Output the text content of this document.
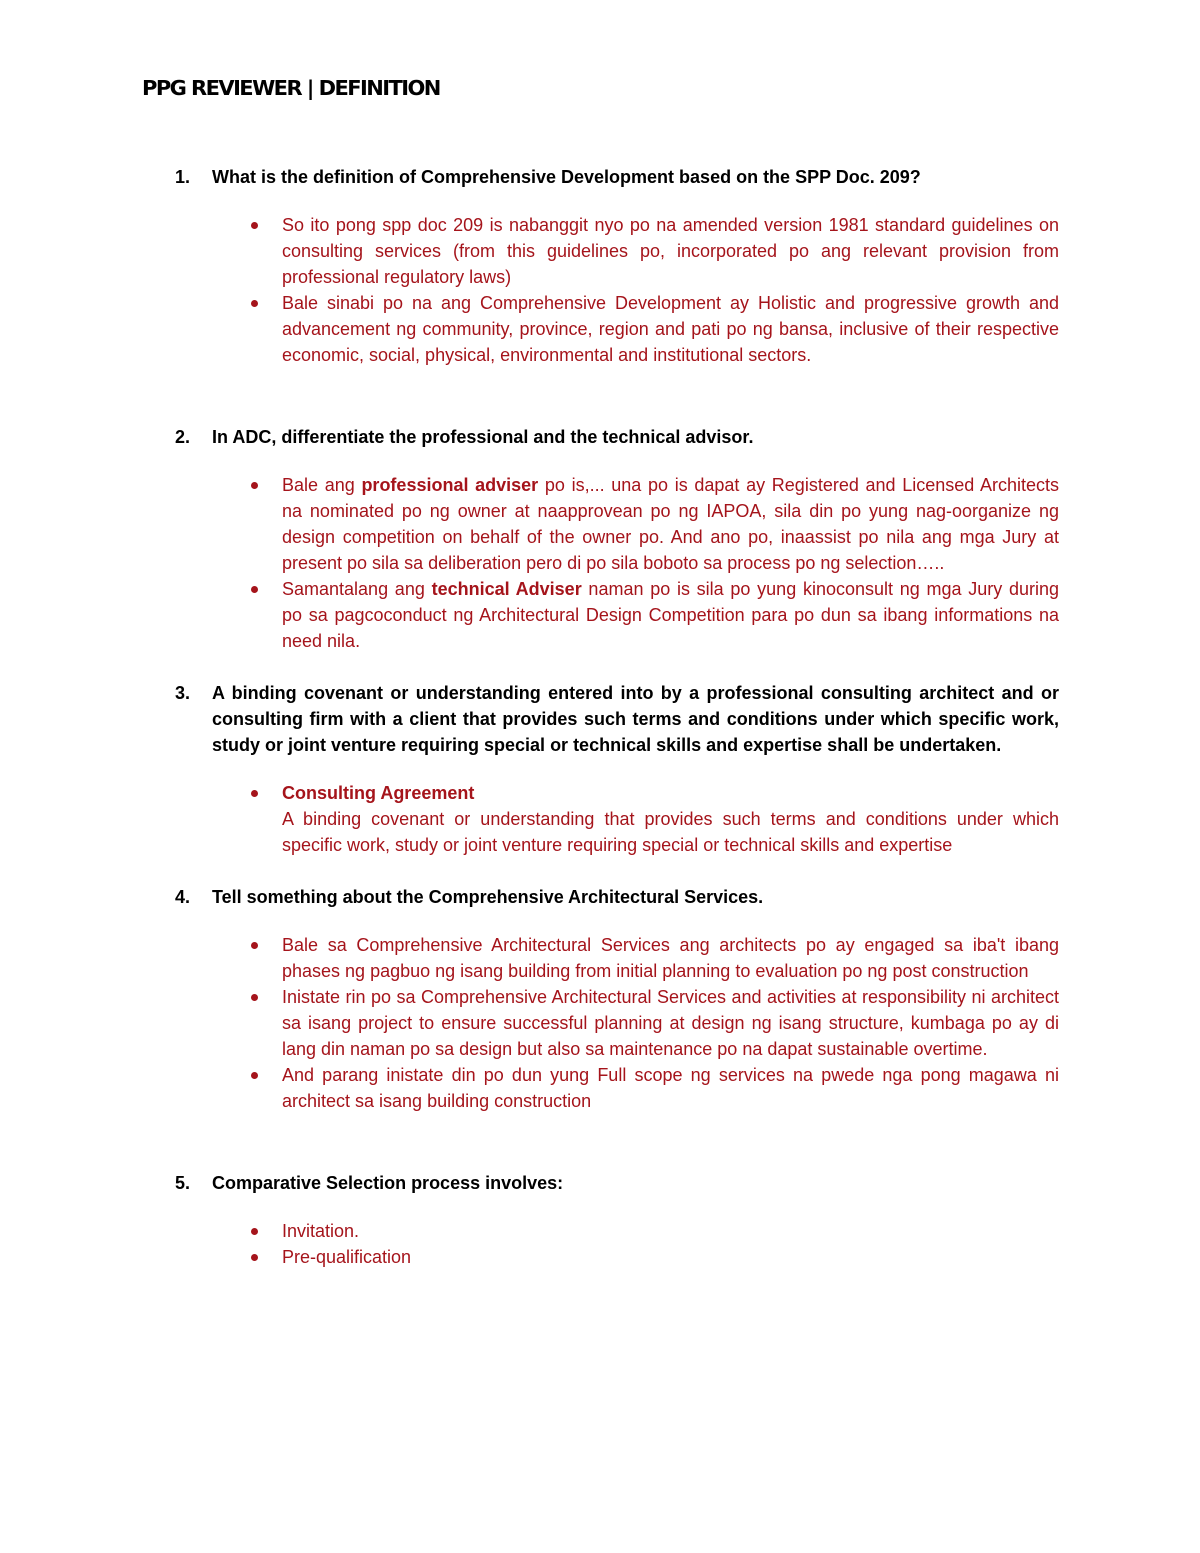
PPG REVIEWER | DEFINITION
1. What is the definition of Comprehensive Development based on the SPP Doc. 209?
So ito pong spp doc 209 is nabanggit nyo po na amended version 1981 standard guidelines on consulting services (from this guidelines po, incorporated po ang relevant provision from professional regulatory laws)
Bale sinabi po na ang Comprehensive Development ay Holistic and progressive growth and advancement ng community, province, region and pati po ng bansa, inclusive of their respective economic, social, physical, environmental and institutional sectors.
2. In ADC, differentiate the professional and the technical advisor.
Bale ang professional adviser po is,... una po is dapat ay Registered and Licensed Architects na nominated po ng owner at naapprovean po ng IAPOA, sila din po yung nag-oorganize ng design competition on behalf of the owner po. And ano po, inaassist po nila ang mga Jury at present po sila sa deliberation pero di po sila boboto sa process po ng selection…..
Samantalang ang technical Adviser naman po is sila po yung kinoconsult ng mga Jury during po sa pagcoconduct ng Architectural Design Competition para po dun sa ibang informations na need nila.
3. A binding covenant or understanding entered into by a professional consulting architect and or consulting firm with a client that provides such terms and conditions under which specific work, study or joint venture requiring special or technical skills and expertise shall be undertaken.
Consulting Agreement
A binding covenant or understanding that provides such terms and conditions under which specific work, study or joint venture requiring special or technical skills and expertise
4. Tell something about the Comprehensive Architectural Services.
Bale sa Comprehensive Architectural Services ang architects po ay engaged sa iba't ibang phases ng pagbuo ng isang building from initial planning to evaluation po ng post construction
Inistate rin po sa Comprehensive Architectural Services and activities at responsibility ni architect sa isang project to ensure successful planning at design ng isang structure, kumbaga po ay di lang din naman po sa design but also sa maintenance po na dapat sustainable overtime.
And parang inistate din po dun yung Full scope ng services na pwede nga pong magawa ni architect sa isang building construction
5. Comparative Selection process involves:
Invitation.
Pre-qualification
